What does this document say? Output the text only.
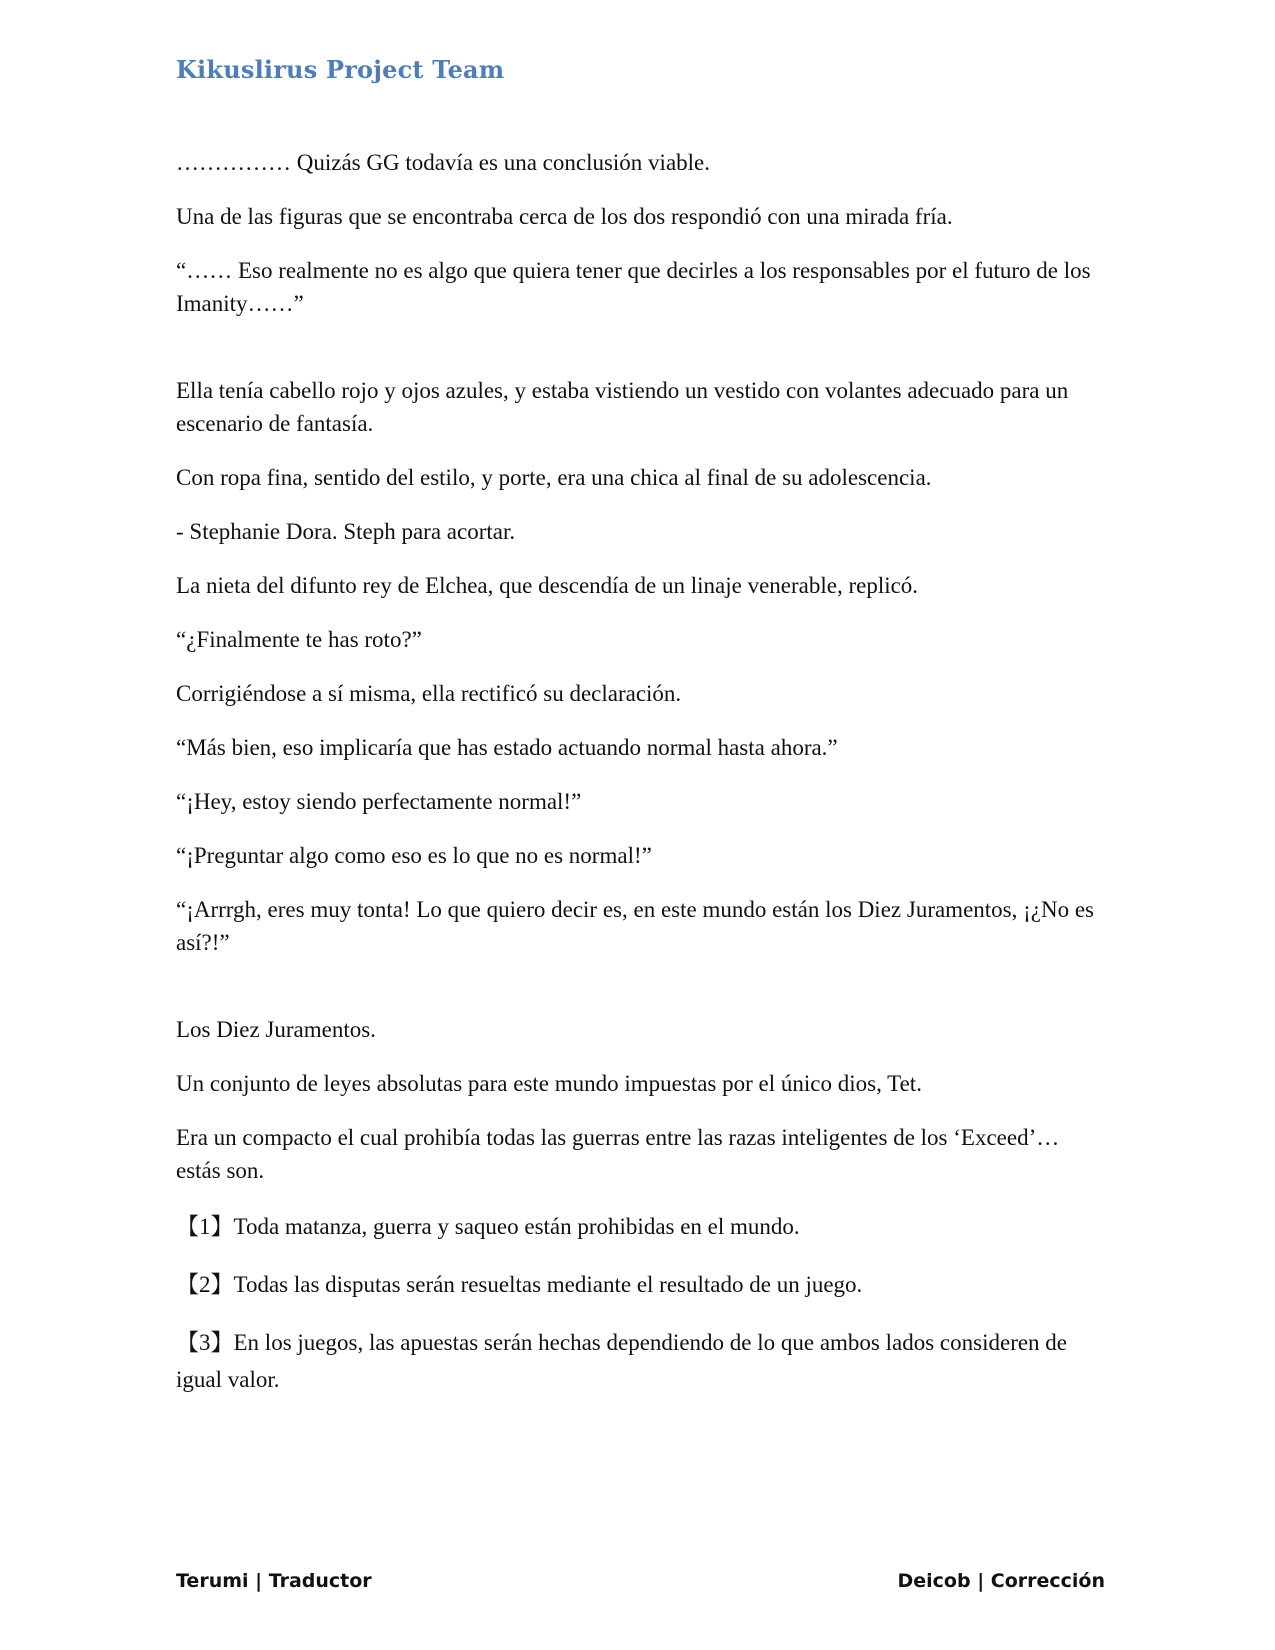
Kikuslirus Project Team

…………… Quizás GG todavía es una conclusión viable.

Una de las figuras que se encontraba cerca de los dos respondió con una mirada fría.

“…… Eso realmente no es algo que quiera tener que decirles a los responsables por el futuro de los Imanity……”

Ella tenía cabello rojo y ojos azules, y estaba vistiendo un vestido con volantes adecuado para un escenario de fantasía.

Con ropa fina, sentido del estilo, y porte, era una chica al final de su adolescencia.

- Stephanie Dora. Steph para acortar.

La nieta del difunto rey de Elchea, que descendía de un linaje venerable, replicó.

“¿Finalmente te has roto?”

Corrigiéndose a sí misma, ella rectificó su declaración.

“Más bien, eso implicaría que has estado actuando normal hasta ahora.”

“¡Hey, estoy siendo perfectamente normal!”

“¡Preguntar algo como eso es lo que no es normal!”

“¡Arrrgh, eres muy tonta! Lo que quiero decir es, en este mundo están los Diez Juramentos, ¡¿No es así?!”

Los Diez Juramentos.

Un conjunto de leyes absolutas para este mundo impuestas por el único dios, Tet.

Era un compacto el cual prohibía todas las guerras entre las razas inteligentes de los ‘Exceed’… estás son.

【1】Toda matanza, guerra y saqueo están prohibidas en el mundo.

【2】Todas las disputas serán resueltas mediante el resultado de un juego.

【3】En los juegos, las apuestas serán hechas dependiendo de lo que ambos lados consideren de igual valor.

Terumi | Traductor	Deicob | Corrección
